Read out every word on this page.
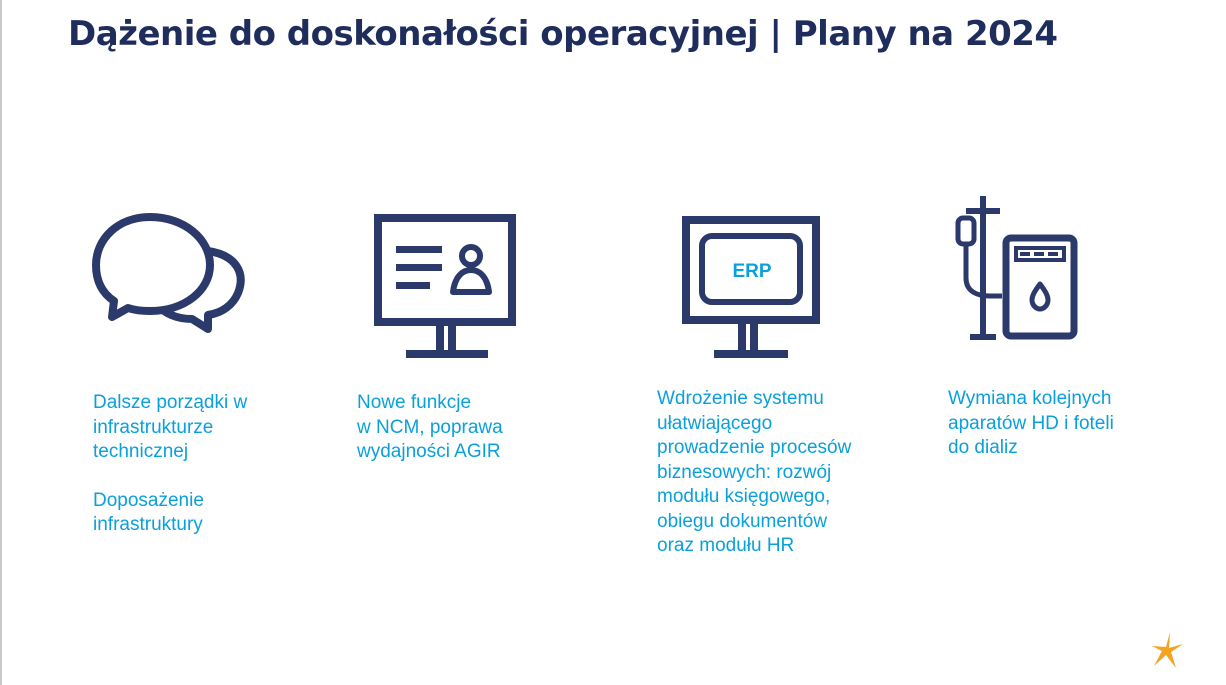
Dążenie do doskonałości operacyjnej | Plany na 2024
ERP

Dalsze porządki w

infrastrukturze

technicznej

Doposażenie

infrastruktury

Nowe funkcje

w NCM, poprawa

wydajności AGIR

Wdrożenie systemu

ułatwiającego

prowadzenie procesów

biznesowych: rozwój

modułu księgowego,

obiegu dokumentów

oraz modułu HR

Wymiana kolejnych

aparatów HD i foteli

do dializ
